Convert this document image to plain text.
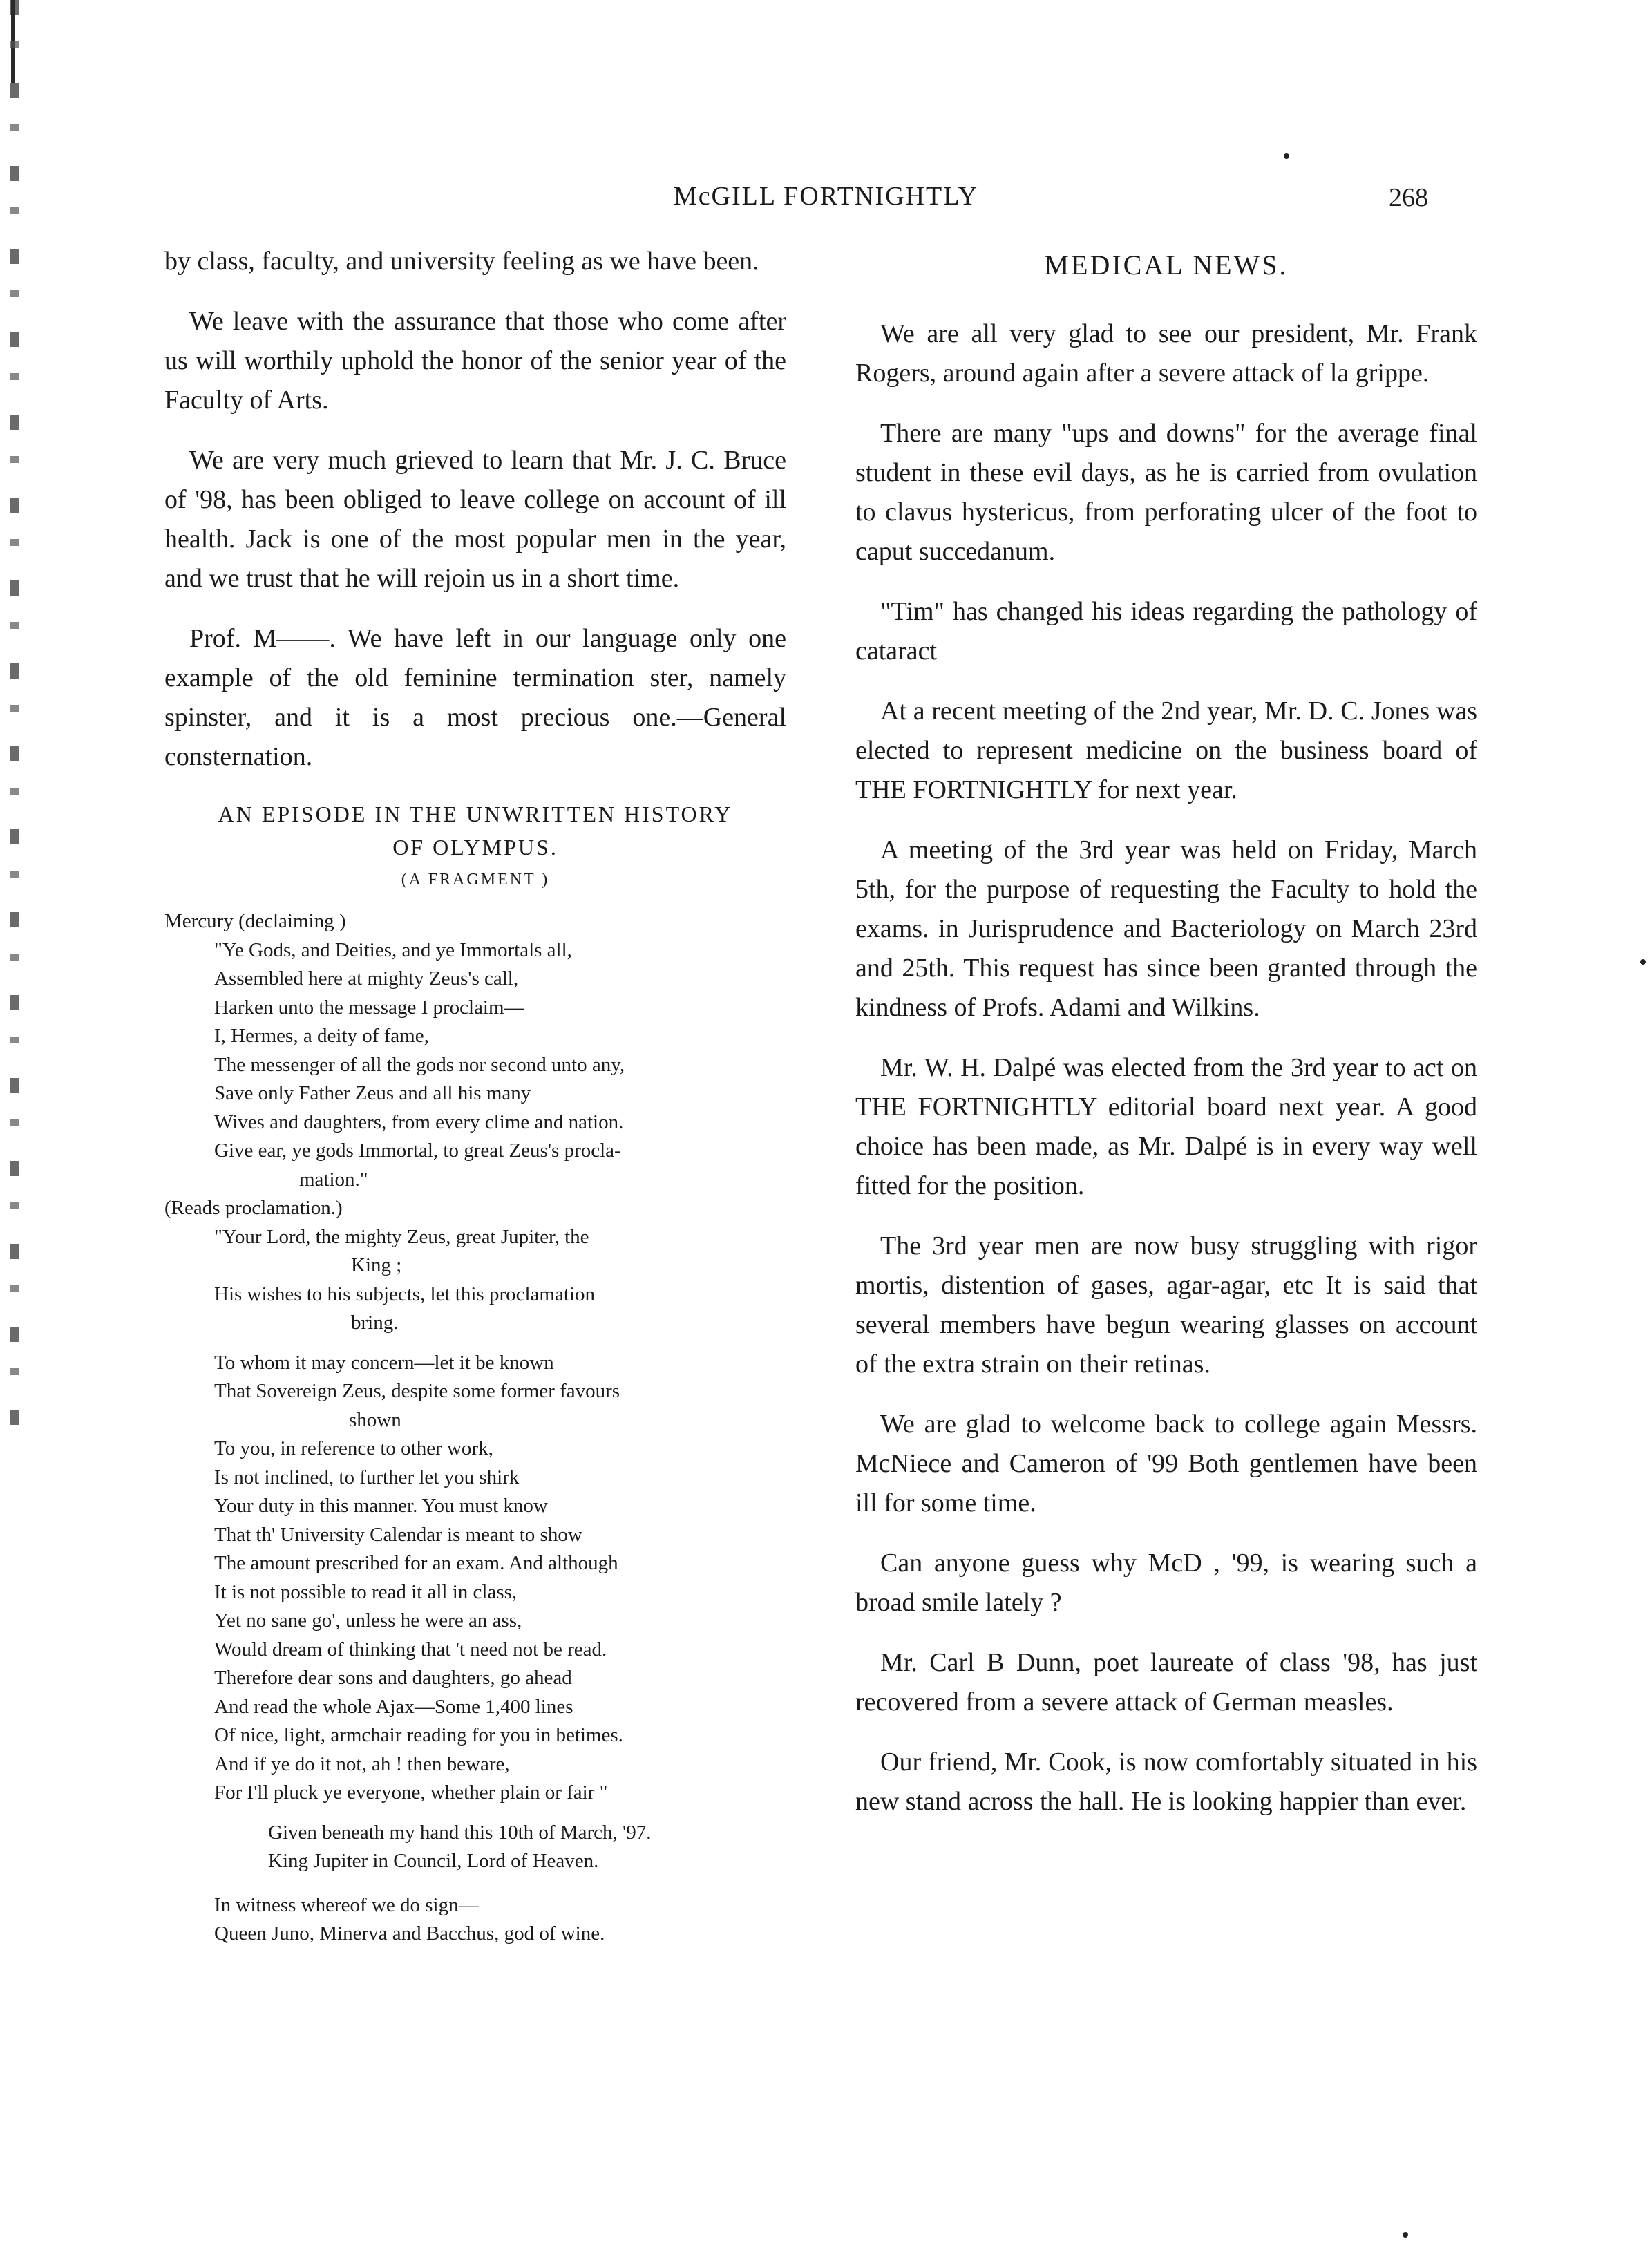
McGILL FORTNIGHTLY	268

by class, faculty, and university feeling as we have been.

We leave with the assurance that those who come after us will worthily uphold the honor of the senior year of the Faculty of Arts.

We are very much grieved to learn that Mr. J. C. Bruce of '98, has been obliged to leave college on account of ill health. Jack is one of the most popular men in the year, and we trust that he will rejoin us in a short time.

Prof. M——. We have left in our language only one example of the old feminine termination ster, namely spinster, and it is a most precious one.—General consternation.

AN EPISODE IN THE UNWRITTEN HISTORY
OF OLYMPUS.
(A FRAGMENT )
Mercury (declaiming )
"Ye Gods, and Deities, and ye Immortals all,
Assembled here at mighty Zeus's call,
Harken unto the message I proclaim—
I, Hermes, a deity of fame,
The messenger of all the gods nor second unto any,
Save only Father Zeus and all his many
Wives and daughters, from every clime and nation.
Give ear, ye gods Immortal, to great Zeus's procla-
mation."
(Reads proclamation.)
"Your Lord, the mighty Zeus, great Jupiter, the
King ;
His wishes to his subjects, let this proclamation
bring.
To whom it may concern—let it be known
That Sovereign Zeus, despite some former favours
shown
To you, in reference to other work,
Is not inclined, to further let you shirk
Your duty in this manner. You must know
That th' University Calendar is meant to show
The amount prescribed for an exam. And although
It is not possible to read it all in class,
Yet no sane go', unless he were an ass,
Would dream of thinking that 't need not be read.
Therefore dear sons and daughters, go ahead
And read the whole Ajax—Some 1,400 lines
Of nice, light, armchair reading for you in betimes.
And if ye do it not, ah ! then beware,
For I'll pluck ye everyone, whether plain or fair "
Given beneath my hand this 10th of March, '97.
King Jupiter in Council, Lord of Heaven.
In witness whereof we do sign—
Queen Juno, Minerva and Bacchus, god of wine.
MEDICAL NEWS.

We are all very glad to see our president, Mr. Frank Rogers, around again after a severe attack of la grippe.

There are many "ups and downs" for the average final student in these evil days, as he is carried from ovulation to clavus hystericus, from perforating ulcer of the foot to caput succedanum.

"Tim" has changed his ideas regarding the pathology of cataract

At a recent meeting of the 2nd year, Mr. D. C. Jones was elected to represent medicine on the business board of THE FORTNIGHTLY for next year.

A meeting of the 3rd year was held on Friday, March 5th, for the purpose of requesting the Faculty to hold the exams. in Jurisprudence and Bacteriology on March 23rd and 25th. This request has since been granted through the kindness of Profs. Adami and Wilkins.

Mr. W. H. Dalpé was elected from the 3rd year to act on THE FORTNIGHTLY editorial board next year. A good choice has been made, as Mr. Dalpé is in every way well fitted for the position.

The 3rd year men are now busy struggling with rigor mortis, distention of gases, agar-agar, etc It is said that several members have begun wearing glasses on account of the extra strain on their retinas.

We are glad to welcome back to college again Messrs. McNiece and Cameron of '99 Both gentlemen have been ill for some time.

Can anyone guess why McD , '99, is wearing such a broad smile lately ?

Mr. Carl B Dunn, poet laureate of class '98, has just recovered from a severe attack of German measles.

Our friend, Mr. Cook, is now comfortably situated in his new stand across the hall. He is looking happier than ever.
